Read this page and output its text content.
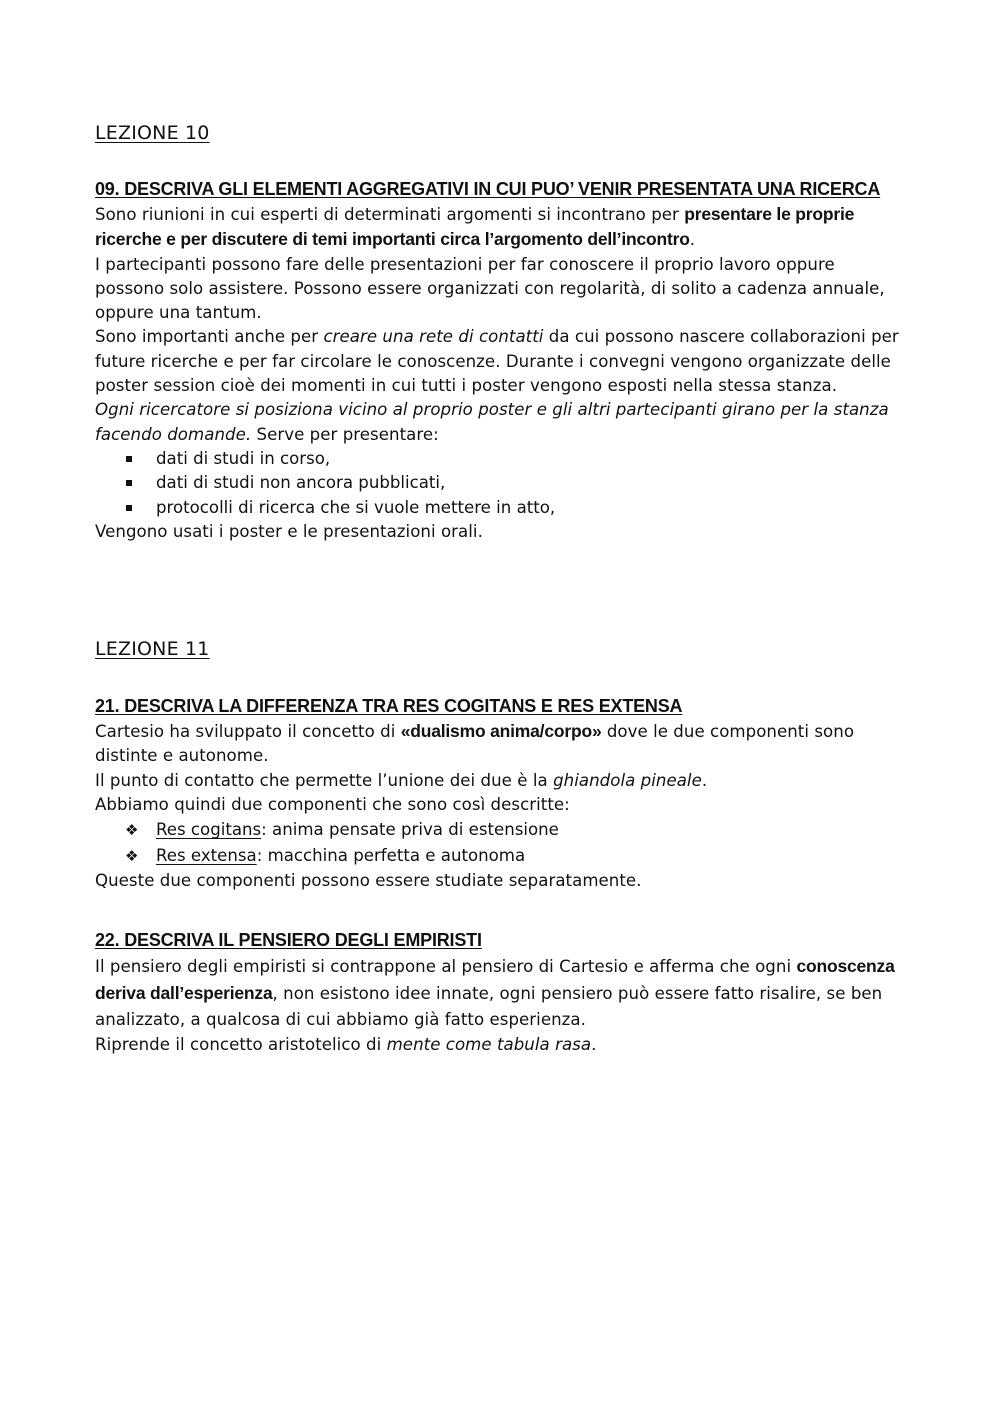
LEZIONE 10

09. DESCRIVA GLI ELEMENTI AGGREGATIVI IN CUI PUO’ VENIR PRESENTATA UNA RICERCA

Sono riunioni in cui esperti di determinati argomenti si incontrano per presentare le proprie ricerche e per discutere di temi importanti circa l’argomento dell’incontro.

I partecipanti possono fare delle presentazioni per far conoscere il proprio lavoro oppure possono solo assistere. Possono essere organizzati con regolarità, di solito a cadenza annuale, oppure una tantum.

Sono importanti anche per creare una rete di contatti da cui possono nascere collaborazioni per future ricerche e per far circolare le conoscenze. Durante i convegni vengono organizzate delle poster session cioè dei momenti in cui tutti i poster vengono esposti nella stessa stanza.

Ogni ricercatore si posiziona vicino al proprio poster e gli altri partecipanti girano per la stanza facendo domande. Serve per presentare:

dati di studi in corso,
dati di studi non ancora pubblicati,
protocolli di ricerca che si vuole mettere in atto,

Vengono usati i poster e le presentazioni orali.

LEZIONE 11

21. DESCRIVA LA DIFFERENZA TRA RES COGITANS E RES EXTENSA

Cartesio ha sviluppato il concetto di «dualismo anima/corpo» dove le due componenti sono distinte e autonome.

Il punto di contatto che permette l’unione dei due è la ghiandola pineale.

Abbiamo quindi due componenti che sono così descritte:

❖ Res cogitans: anima pensate priva di estensione
❖ Res extensa: macchina perfetta e autonoma

Queste due componenti possono essere studiate separatamente.

22. DESCRIVA IL PENSIERO DEGLI EMPIRISTI

Il pensiero degli empiristi si contrappone al pensiero di Cartesio e afferma che ogni conoscenza deriva dall’esperienza, non esistono idee innate, ogni pensiero può essere fatto risalire, se ben analizzato, a qualcosa di cui abbiamo già fatto esperienza.

Riprende il concetto aristotelico di mente come tabula rasa.
